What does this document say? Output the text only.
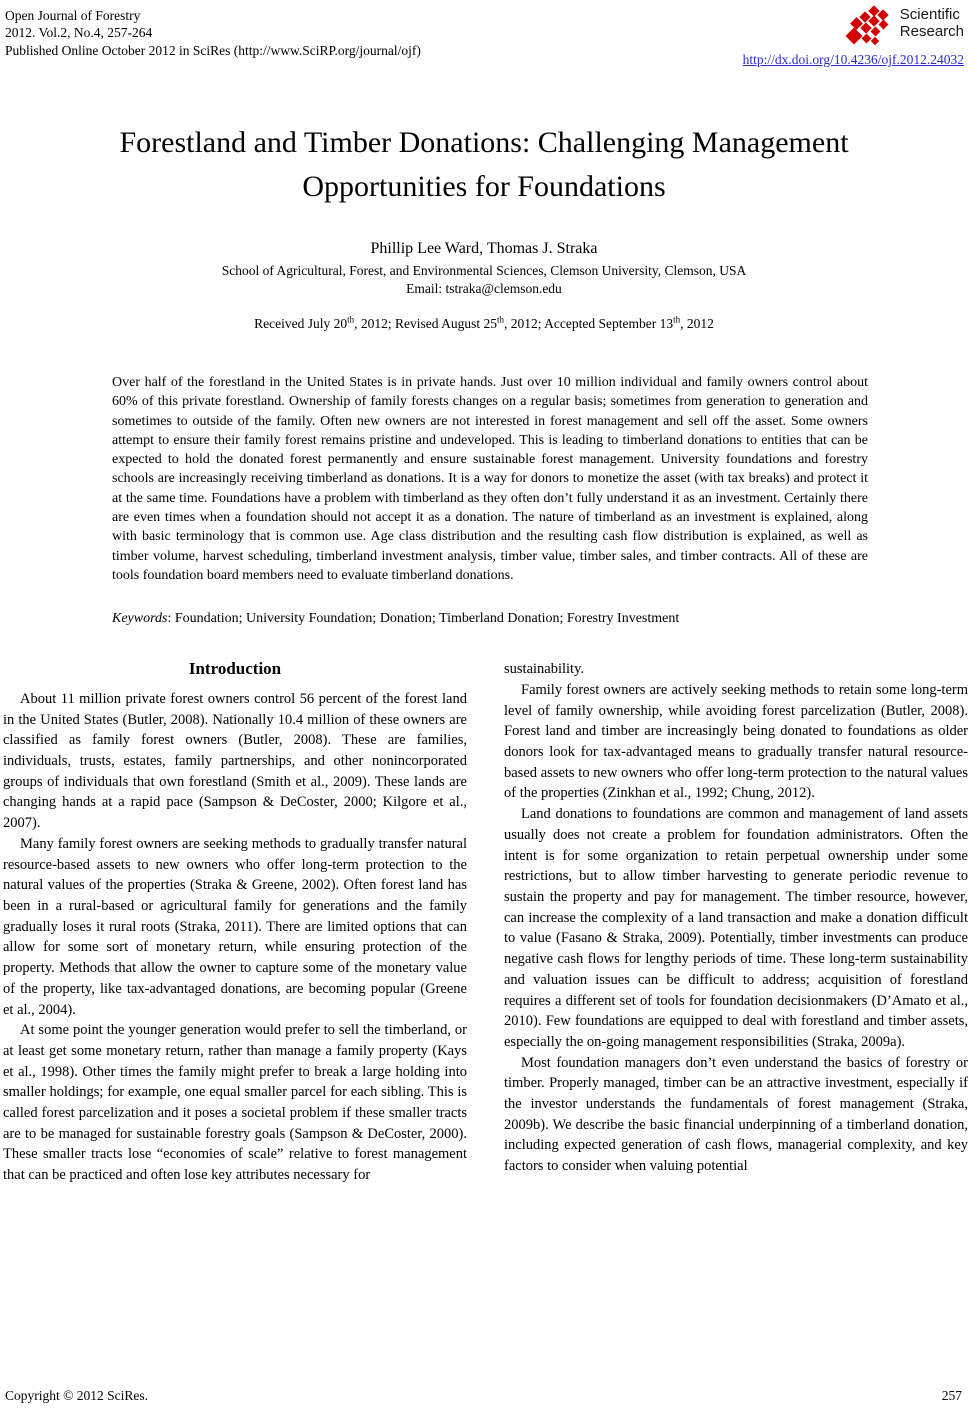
Open Journal of Forestry
2012. Vol.2, No.4, 257-264
Published Online October 2012 in SciRes (http://www.SciRP.org/journal/ojf)
Scientific
Research
http://dx.doi.org/10.4236/ojf.2012.24032
Forestland and Timber Donations: Challenging Management Opportunities for Foundations
Phillip Lee Ward, Thomas J. Straka
School of Agricultural, Forest, and Environmental Sciences, Clemson University, Clemson, USA
Email: tstraka@clemson.edu
Received July 20th, 2012; Revised August 25th, 2012; Accepted September 13th, 2012
Over half of the forestland in the United States is in private hands. Just over 10 million individual and family owners control about 60% of this private forestland. Ownership of family forests changes on a regular basis; sometimes from generation to generation and sometimes to outside of the family. Often new owners are not interested in forest management and sell off the asset. Some owners attempt to ensure their family forest remains pristine and undeveloped. This is leading to timberland donations to entities that can be expected to hold the donated forest permanently and ensure sustainable forest management. University foundations and forestry schools are increasingly receiving timberland as donations. It is a way for donors to monetize the asset (with tax breaks) and protect it at the same time. Foundations have a problem with timberland as they often don’t fully understand it as an investment. Certainly there are even times when a foundation should not accept it as a donation. The nature of timberland as an investment is explained, along with basic terminology that is common use. Age class distribution and the resulting cash flow distribution is explained, as well as timber volume, harvest scheduling, timberland investment analysis, timber value, timber sales, and timber contracts. All of these are tools foundation board members need to evaluate timberland donations.
Keywords: Foundation; University Foundation; Donation; Timberland Donation; Forestry Investment
Introduction

About 11 million private forest owners control 56 percent of the forest land in the United States (Butler, 2008). Nationally 10.4 million of these owners are classified as family forest owners (Butler, 2008). These are families, individuals, trusts, estates, family partnerships, and other nonincorporated groups of individuals that own forestland (Smith et al., 2009). These lands are changing hands at a rapid pace (Sampson & DeCoster, 2000; Kilgore et al., 2007).

Many family forest owners are seeking methods to gradually transfer natural resource-based assets to new owners who offer long-term protection to the natural values of the properties (Straka & Greene, 2002). Often forest land has been in a rural-based or agricultural family for generations and the family gradually loses it rural roots (Straka, 2011). There are limited options that can allow for some sort of monetary return, while ensuring protection of the property. Methods that allow the owner to capture some of the monetary value of the property, like tax-advantaged donations, are becoming popular (Greene et al., 2004).

At some point the younger generation would prefer to sell the timberland, or at least get some monetary return, rather than manage a family property (Kays et al., 1998). Other times the family might prefer to break a large holding into smaller holdings; for example, one equal smaller parcel for each sibling. This is called forest parcelization and it poses a societal problem if these smaller tracts are to be managed for sustainable forestry goals (Sampson & DeCoster, 2000). These smaller tracts lose “economies of scale” relative to forest management that can be practiced and often lose key attributes necessary for

sustainability.

Family forest owners are actively seeking methods to retain some long-term level of family ownership, while avoiding forest parcelization (Butler, 2008). Forest land and timber are increasingly being donated to foundations as older donors look for tax-advantaged means to gradually transfer natural resource-based assets to new owners who offer long-term protection to the natural values of the properties (Zinkhan et al., 1992; Chung, 2012).

Land donations to foundations are common and management of land assets usually does not create a problem for foundation administrators. Often the intent is for some organization to retain perpetual ownership under some restrictions, but to allow timber harvesting to generate periodic revenue to sustain the property and pay for management. The timber resource, however, can increase the complexity of a land transaction and make a donation difficult to value (Fasano & Straka, 2009). Potentially, timber investments can produce negative cash flows for lengthy periods of time. These long-term sustainability and valuation issues can be difficult to address; acquisition of forestland requires a different set of tools for foundation decisionmakers (D’Amato et al., 2010). Few foundations are equipped to deal with forestland and timber assets, especially the on-going management responsibilities (Straka, 2009a).

Most foundation managers don’t even understand the basics of forestry or timber. Properly managed, timber can be an attractive investment, especially if the investor understands the fundamentals of forest management (Straka, 2009b). We describe the basic financial underpinning of a timberland donation, including expected generation of cash flows, managerial complexity, and key factors to consider when valuing potential

Copyright © 2012 SciRes.	257
